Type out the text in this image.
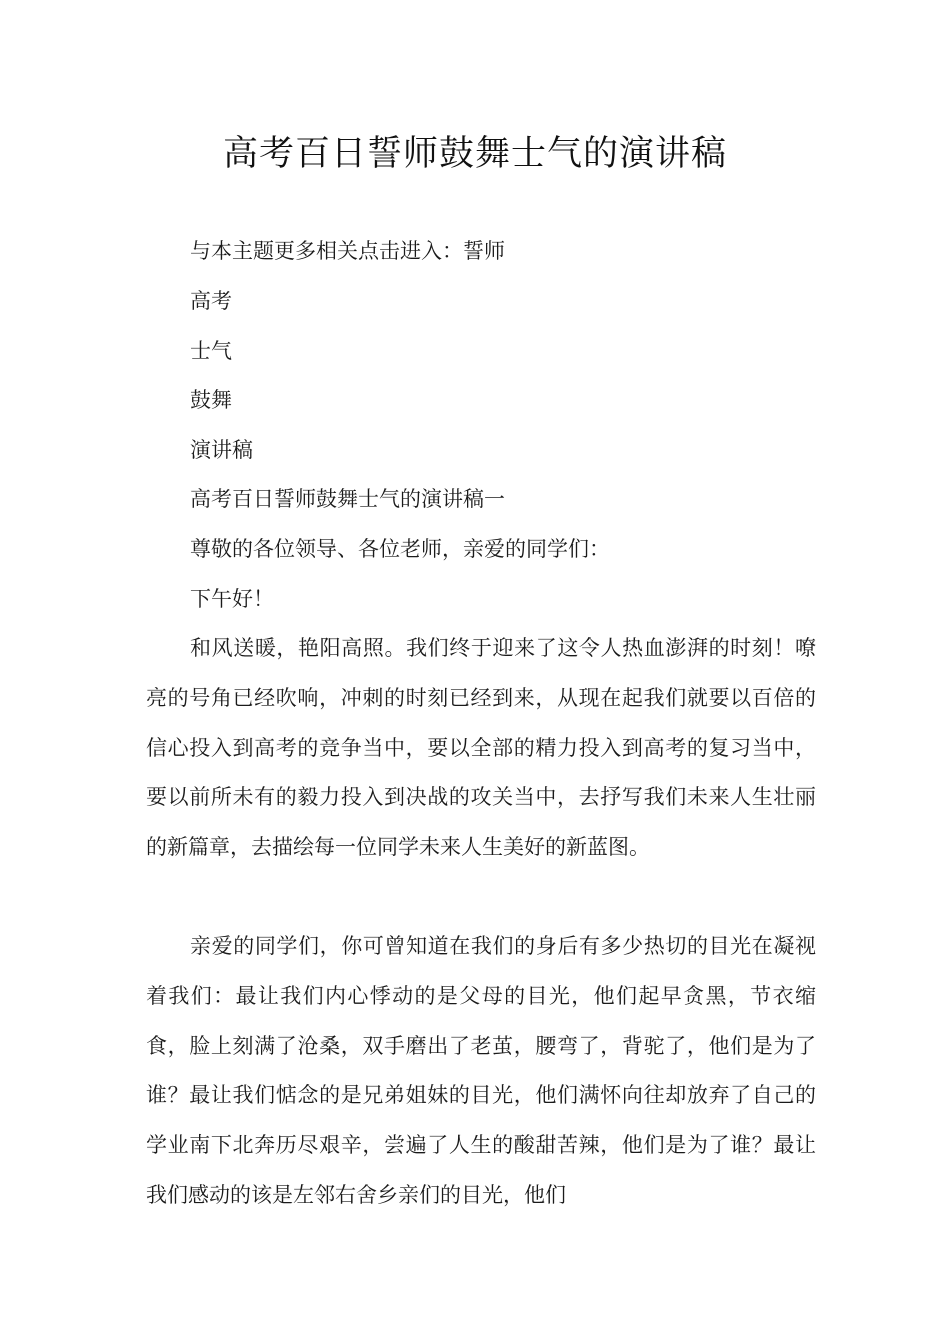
高考百日誓师鼓舞士气的演讲稿

与本主题更多相关点击进入：誓师

高考

士气

鼓舞

演讲稿

高考百日誓师鼓舞士气的演讲稿一

尊敬的各位领导、各位老师，亲爱的同学们：

下午好！

和风送暖，艳阳高照。我们终于迎来了这令人热血澎湃的时刻！嘹亮的号角已经吹响，冲刺的时刻已经到来，从现在起我们就要以百倍的信心投入到高考的竞争当中，要以全部的精力投入到高考的复习当中，要以前所未有的毅力投入到决战的攻关当中，去抒写我们未来人生壮丽的新篇章，去描绘每一位同学未来人生美好的新蓝图。

亲爱的同学们，你可曾知道在我们的身后有多少热切的目光在凝视着我们：最让我们内心悸动的是父母的目光，他们起早贪黑，节衣缩食，脸上刻满了沧桑，双手磨出了老茧，腰弯了，背驼了，他们是为了谁？最让我们惦念的是兄弟姐妹的目光，他们满怀向往却放弃了自己的学业南下北奔历尽艰辛，尝遍了人生的酸甜苦辣，他们是为了谁？最让我们感动的该是左邻右舍乡亲们的目光，他们
